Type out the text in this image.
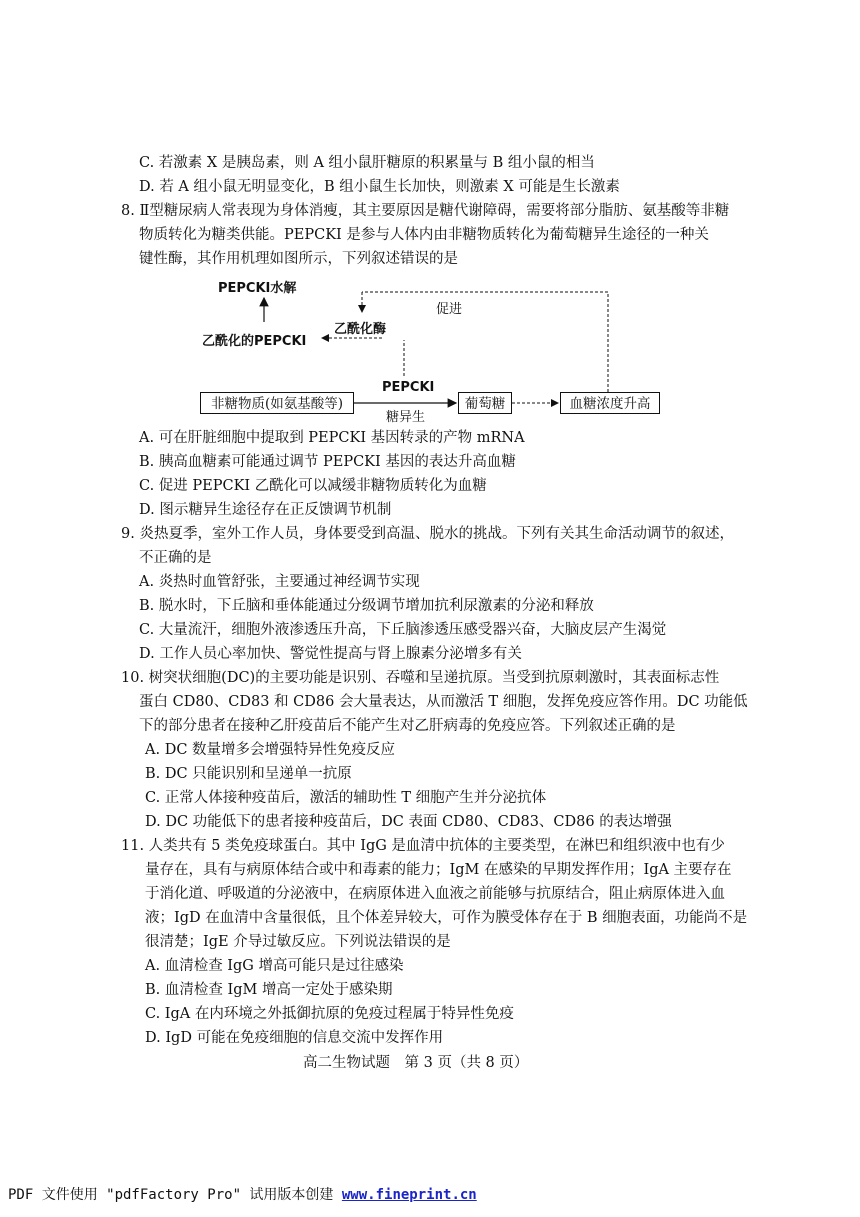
C. 若激素 X 是胰岛素，则 A 组小鼠肝糖原的积累量与 B 组小鼠的相当
D. 若 A 组小鼠无明显变化，B 组小鼠生长加快，则激素 X 可能是生长激素
8. Ⅱ型糖尿病人常表现为身体消瘦，其主要原因是糖代谢障碍，需要将部分脂肪、氨基酸等非糖
物质转化为糖类供能。PEPCKI 是参与人体内由非糖物质转化为葡萄糖异生途径的一种关
键性酶，其作用机理如图所示，下列叙述错误的是
PEPCKI水解
乙酰化的PEPCKI
乙酰化酶
促进
PEPCKI
糖异生
非糖物质(如氨基酸等)	葡萄糖	血糖浓度升高
A. 可在肝脏细胞中提取到 PEPCKI 基因转录的产物 mRNA
B. 胰高血糖素可能通过调节 PEPCKI 基因的表达升高血糖
C. 促进 PEPCKI 乙酰化可以减缓非糖物质转化为血糖
D. 图示糖异生途径存在正反馈调节机制
9. 炎热夏季，室外工作人员，身体要受到高温、脱水的挑战。下列有关其生命活动调节的叙述，
不正确的是
A. 炎热时血管舒张，主要通过神经调节实现
B. 脱水时，下丘脑和垂体能通过分级调节增加抗利尿激素的分泌和释放
C. 大量流汗，细胞外液渗透压升高，下丘脑渗透压感受器兴奋，大脑皮层产生渴觉
D. 工作人员心率加快、警觉性提高与肾上腺素分泌增多有关
10. 树突状细胞(DC)的主要功能是识别、吞噬和呈递抗原。当受到抗原刺激时，其表面标志性
蛋白 CD80、CD83 和 CD86 会大量表达，从而激活 T 细胞，发挥免疫应答作用。DC 功能低
下的部分患者在接种乙肝疫苗后不能产生对乙肝病毒的免疫应答。下列叙述正确的是
A. DC 数量增多会增强特异性免疫反应
B. DC 只能识别和呈递单一抗原
C. 正常人体接种疫苗后，激活的辅助性 T 细胞产生并分泌抗体
D. DC 功能低下的患者接种疫苗后，DC 表面 CD80、CD83、CD86 的表达增强
11. 人类共有 5 类免疫球蛋白。其中 IgG 是血清中抗体的主要类型，在淋巴和组织液中也有少
量存在，具有与病原体结合或中和毒素的能力；IgM 在感染的早期发挥作用；IgA 主要存在
于消化道、呼吸道的分泌液中，在病原体进入血液之前能够与抗原结合，阻止病原体进入血
液；IgD 在血清中含量很低，且个体差异较大，可作为膜受体存在于 B 细胞表面，功能尚不是
很清楚；IgE 介导过敏反应。下列说法错误的是
A. 血清检查 IgG 增高可能只是过往感染
B. 血清检查 IgM 增高一定处于感染期
C. IgA 在内环境之外抵御抗原的免疫过程属于特异性免疫
D. IgD 可能在免疫细胞的信息交流中发挥作用
高二生物试题　第 3 页（共 8 页）
PDF 文件使用 "pdfFactory Pro" 试用版本创建 www.fineprint.cn
